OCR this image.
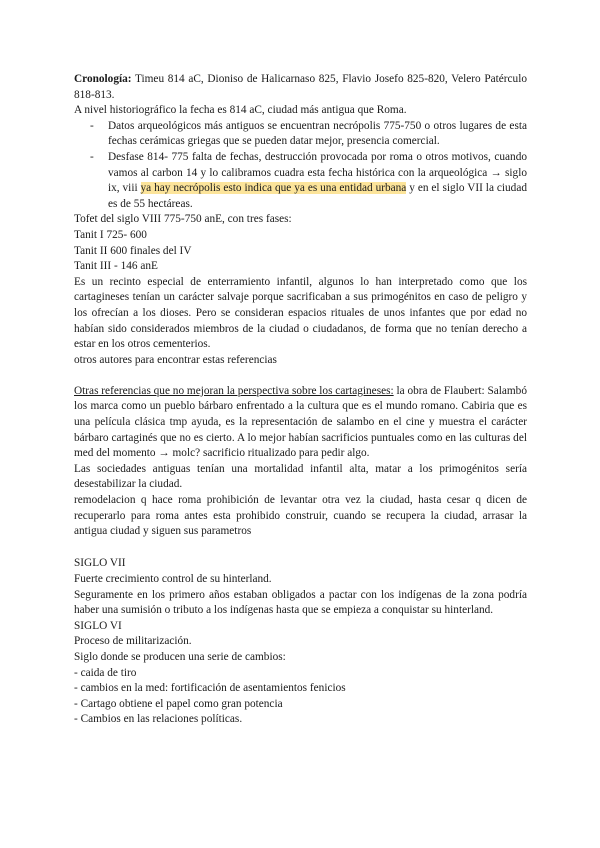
Cronología: Timeu 814 aC, Dioniso de Halicarnaso 825, Flavio Josefo 825-820, Velero Patérculo 818-813.

A nivel historiográfico la fecha es 814 aC, ciudad más antigua que Roma.

- Datos arqueológicos más antiguos se encuentran necrópolis 775-750 o otros lugares de esta fechas cerámicas griegas que se pueden datar mejor, presencia comercial.
- Desfase 814- 775 falta de fechas, destrucción provocada por roma o otros motivos, cuando vamos al carbon 14 y lo calibramos cuadra esta fecha histórica con la arqueológica → siglo ix, viii ya hay necrópolis esto indica que ya es una entidad urbana y en el siglo VII la ciudad es de 55 hectáreas.

Tofet del siglo VIII 775-750 anE, con tres fases:

Tanit I 725- 600

Tanit II 600 finales del IV

Tanit III - 146 anE

Es un recinto especial de enterramiento infantil, algunos lo han interpretado como que los cartagineses tenían un carácter salvaje porque sacrificaban a sus primogénitos en caso de peligro y los ofrecían a los dioses. Pero se consideran espacios rituales de unos infantes que por edad no habían sido considerados miembros de la ciudad o ciudadanos, de forma que no tenían derecho a estar en los otros cementerios.

otros autores para encontrar estas referencias

Otras referencias que no mejoran la perspectiva sobre los cartagineses: la obra de Flaubert: Salambó los marca como un pueblo bárbaro enfrentado a la cultura que es el mundo romano. Cabiria que es una película clásica tmp ayuda, es la representación de salambo en el cine y muestra el carácter bárbaro cartaginés que no es cierto. A lo mejor habían sacrificios puntuales como en las culturas del med del momento → molc? sacrificio ritualizado para pedir algo.

Las sociedades antiguas tenían una mortalidad infantil alta, matar a los primogénitos sería desestabilizar la ciudad.

remodelacion q hace roma prohibición de levantar otra vez la ciudad, hasta cesar q dicen de recuperarlo para roma antes esta prohibido construir, cuando se recupera la ciudad, arrasar la antigua ciudad y siguen sus parametros

SIGLO VII

Fuerte crecimiento control de su hinterland.

Seguramente en los primero años estaban obligados a pactar con los indígenas de la zona podría haber una sumisión o tributo a los indígenas hasta que se empieza a conquistar su hinterland.

SIGLO VI

Proceso de militarización.

Siglo donde se producen una serie de cambios:

- caida de tiro

- cambios en la med: fortificación de asentamientos fenicios

- Cartago obtiene el papel como gran potencia

- Cambios en las relaciones políticas.
